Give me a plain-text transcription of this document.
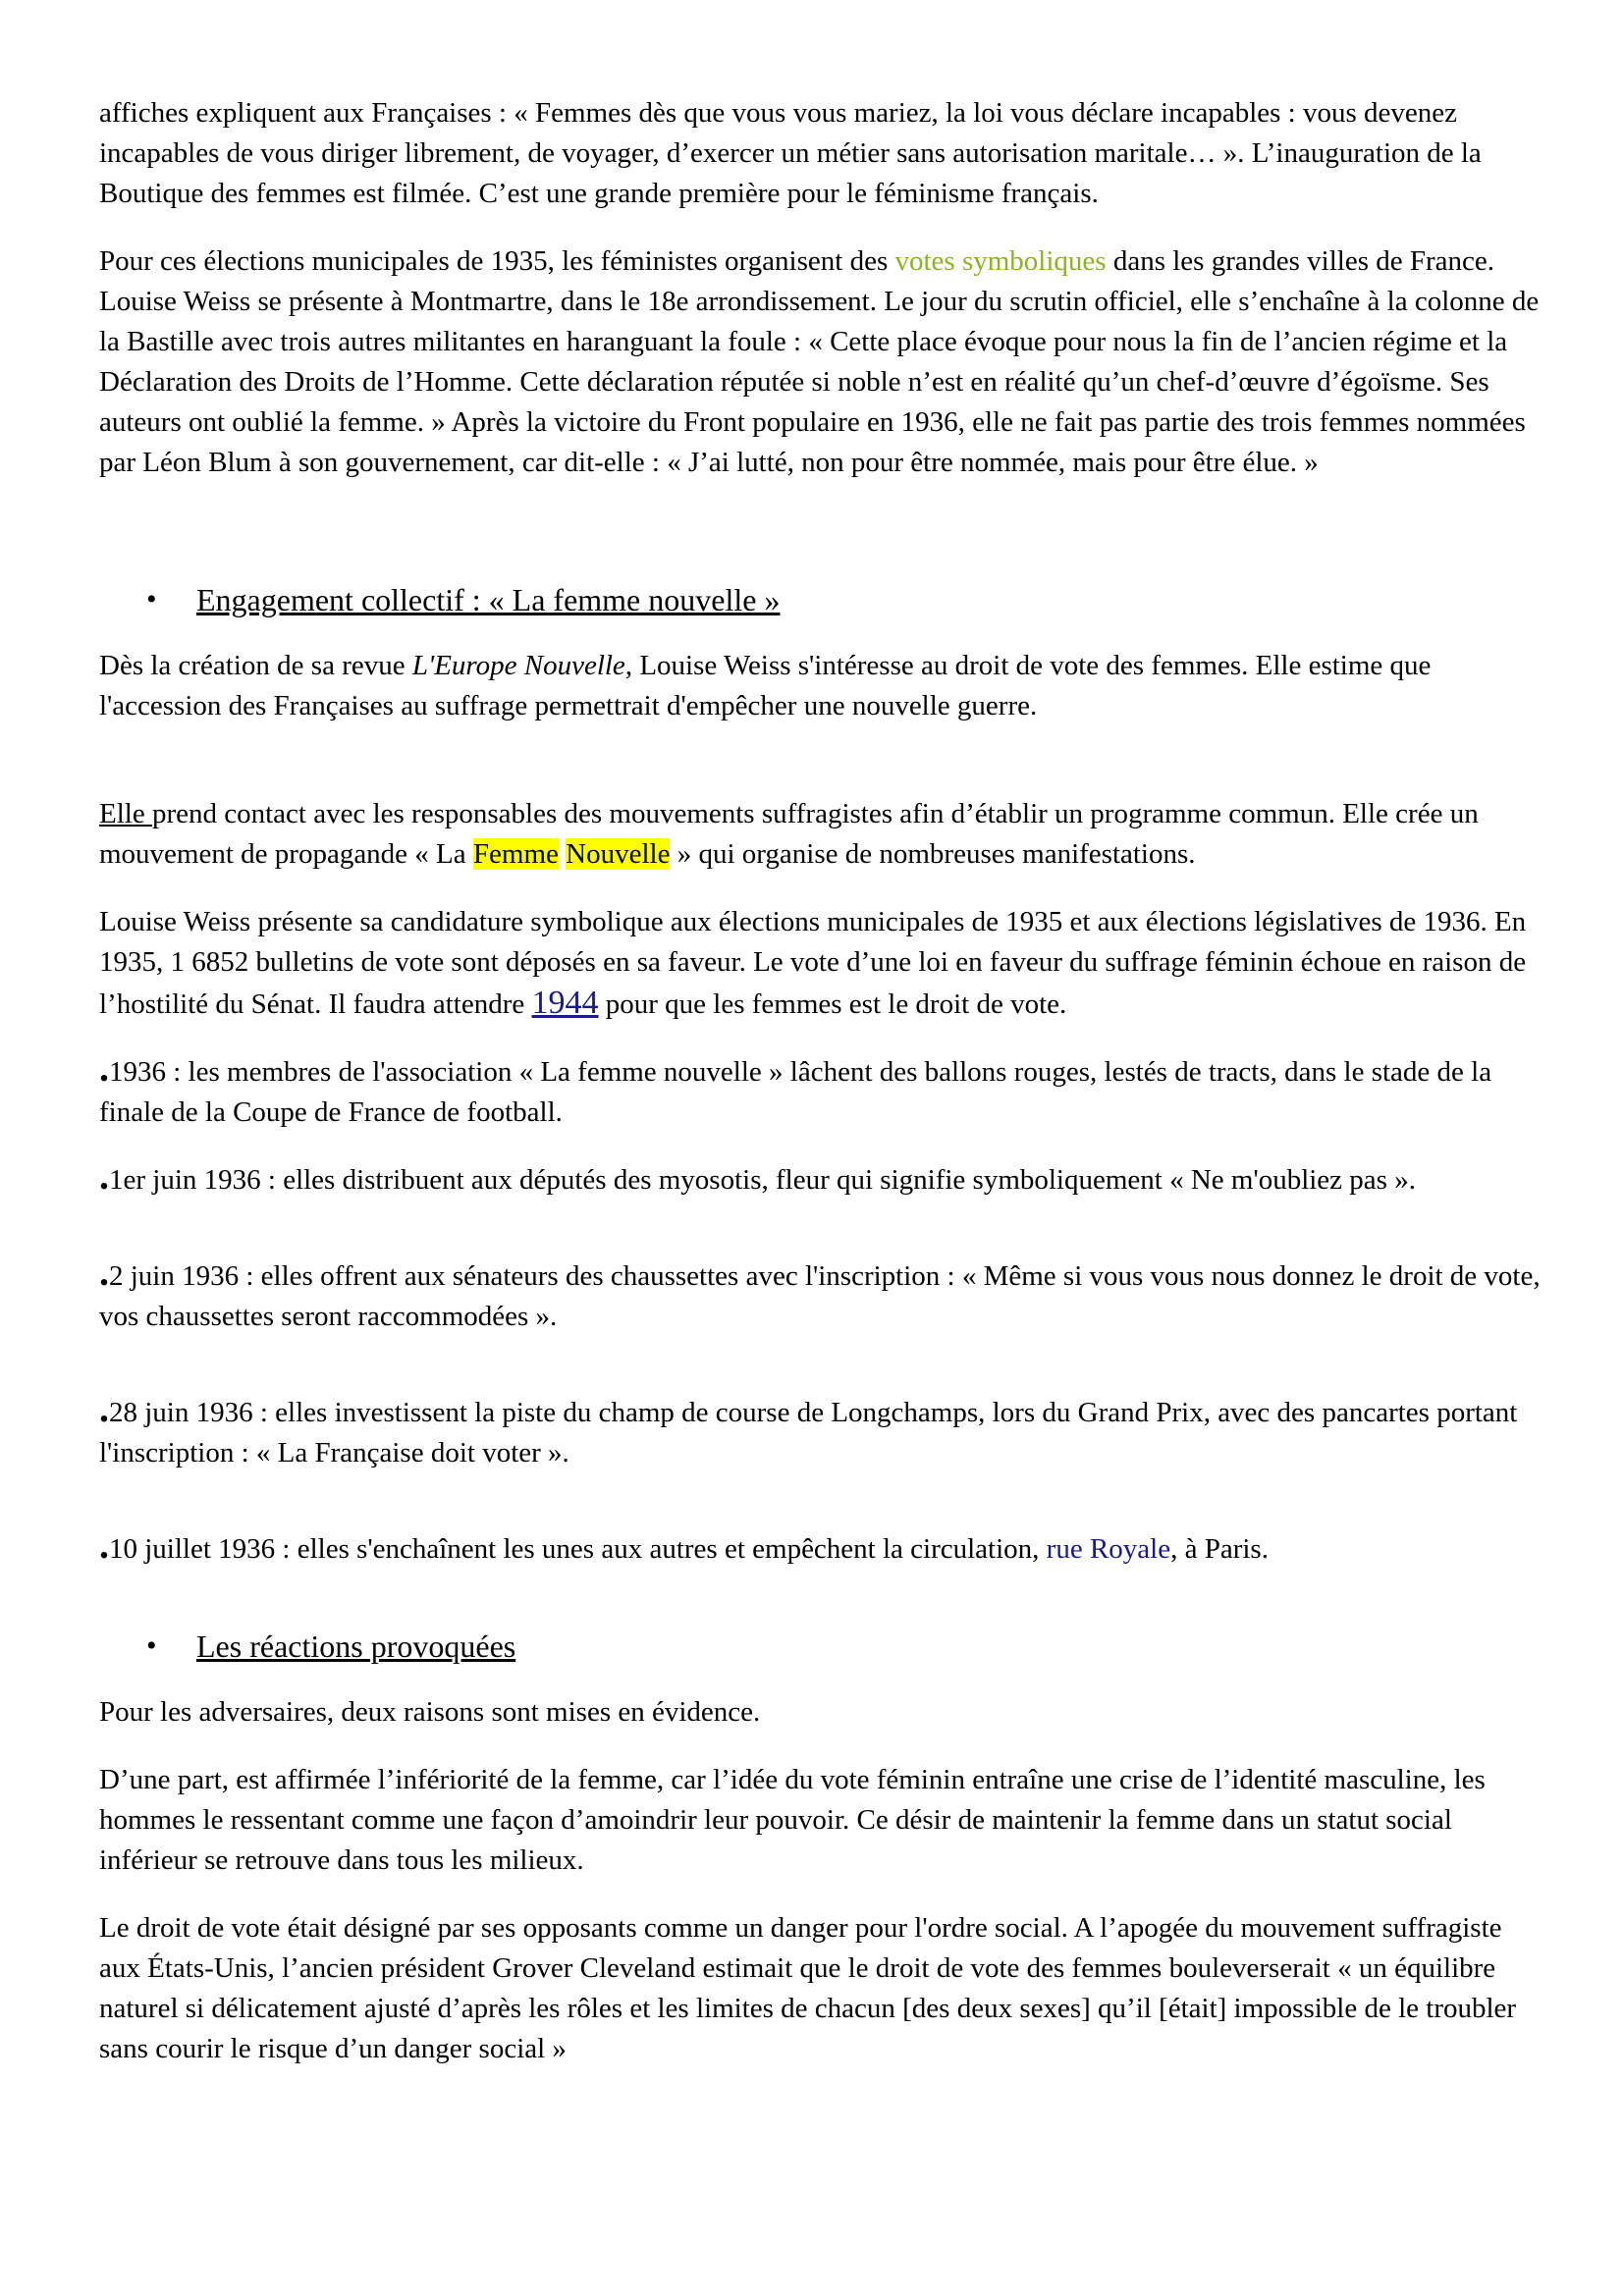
affiches expliquent aux Françaises : « Femmes dès que vous vous mariez, la loi vous déclare incapables : vous devenez incapables de vous diriger librement, de voyager, d’exercer un métier sans autorisation maritale… ». L’inauguration de la Boutique des femmes est filmée. C’est une grande première pour le féminisme français.

Pour ces élections municipales de 1935, les féministes organisent des votes symboliques dans les grandes villes de France. Louise Weiss se présente à Montmartre, dans le 18e arrondissement. Le jour du scrutin officiel, elle s’enchaîne à la colonne de la Bastille avec trois autres militantes en haranguant la foule : « Cette place évoque pour nous la fin de l’ancien régime et la Déclaration des Droits de l’Homme. Cette déclaration réputée si noble n’est en réalité qu’un chef-d’œuvre d’égoïsme. Ses auteurs ont oublié la femme. » Après la victoire du Front populaire en 1936, elle ne fait pas partie des trois femmes nommées par Léon Blum à son gouvernement, car dit-elle : « J’ai lutté, non pour être nommée, mais pour être élue. »

• Engagement collectif : « La femme nouvelle »

Dès la création de sa revue L'Europe Nouvelle, Louise Weiss s'intéresse au droit de vote des femmes. Elle estime que l'accession des Françaises au suffrage permettrait d'empêcher une nouvelle guerre.

Elle prend contact avec les responsables des mouvements suffragistes afin d’établir un programme commun. Elle crée un mouvement de propagande « La Femme Nouvelle » qui organise de nombreuses manifestations.

Louise Weiss présente sa candidature symbolique aux élections municipales de 1935 et aux élections législatives de 1936. En 1935, 1 6852 bulletins de vote sont déposés en sa faveur. Le vote d’une loi en faveur du suffrage féminin échoue en raison de l’hostilité du Sénat. Il faudra attendre 1944 pour que les femmes est le droit de vote.

.1936 : les membres de l'association « La femme nouvelle » lâchent des ballons rouges, lestés de tracts, dans le stade de la finale de la Coupe de France de football.

.1er juin 1936 : elles distribuent aux députés des myosotis, fleur qui signifie symboliquement « Ne m'oubliez pas ».

.2 juin 1936 : elles offrent aux sénateurs des chaussettes avec l'inscription : « Même si vous vous nous donnez le droit de vote, vos chaussettes seront raccommodées ».

.28 juin 1936 : elles investissent la piste du champ de course de Longchamps, lors du Grand Prix, avec des pancartes portant l'inscription : « La Française doit voter ».

.10 juillet 1936 : elles s'enchaînent les unes aux autres et empêchent la circulation, rue Royale, à Paris.

• Les réactions provoquées

Pour les adversaires, deux raisons sont mises en évidence.

D’une part, est affirmée l’infériorité de la femme, car l’idée du vote féminin entraîne une crise de l’identité masculine, les hommes le ressentant comme une façon d’amoindrir leur pouvoir. Ce désir de maintenir la femme dans un statut social inférieur se retrouve dans tous les milieux.

Le droit de vote était désigné par ses opposants comme un danger pour l'ordre social. A l’apogée du mouvement suffragiste aux États-Unis, l’ancien président Grover Cleveland estimait que le droit de vote des femmes bouleverserait « un équilibre naturel si délicatement ajusté d’après les rôles et les limites de chacun [des deux sexes] qu’il [était] impossible de le troubler sans courir le risque d’un danger social »
